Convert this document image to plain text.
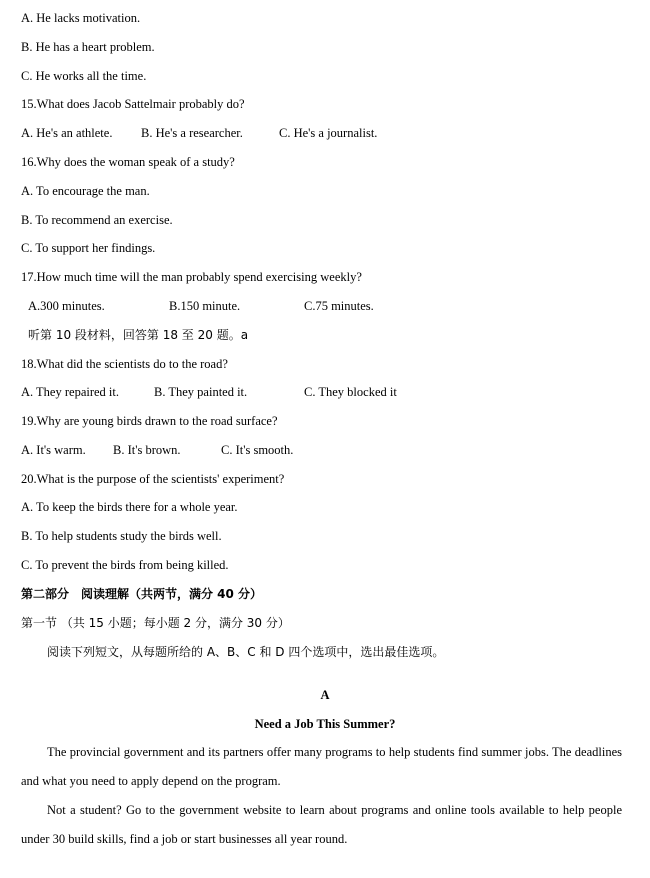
A. He lacks motivation.
B. He has a heart problem.
C. He works all the time.
15.What does Jacob Sattelmair probably do?
A. He's an athlete. B. He's a researcher.	C. He's a journalist.
16.Why does the woman speak of a study?
A. To encourage the man.
B. To recommend an exercise.
C. To support her findings.
17.How much time will the man probably spend exercising weekly?
A.300 minutes.	B.150 minute.	C.75 minutes.
听第 10 段材料，回答第 18 至 20 题。a
18.What did the scientists do to the road?
A. They repaired it.	B. They painted it.	C. They blocked it
19.Why are young birds drawn to the road surface?
A. It's warm. B. It's brown.	C. It's smooth.
20.What is the purpose of the scientists' experiment?
A. To keep the birds there for a whole year.
B. To help students study the birds well.
C. To prevent the birds from being killed.
第二部分　阅读理解（共两节，满分 40 分）
第一节 （共 15 小题；每小题 2 分，满分 30 分）
阅读下列短文，从每题所给的 A、B、C 和 D 四个选项中，选出最佳选项。
A
Need a Job This Summer?
The provincial government and its partners offer many programs to help students find summer jobs. The deadlines and what you need to apply depend on the program.
Not a student? Go to the government website to learn about programs and online tools available to help people under 30 build skills, find a job or start businesses all year round.
